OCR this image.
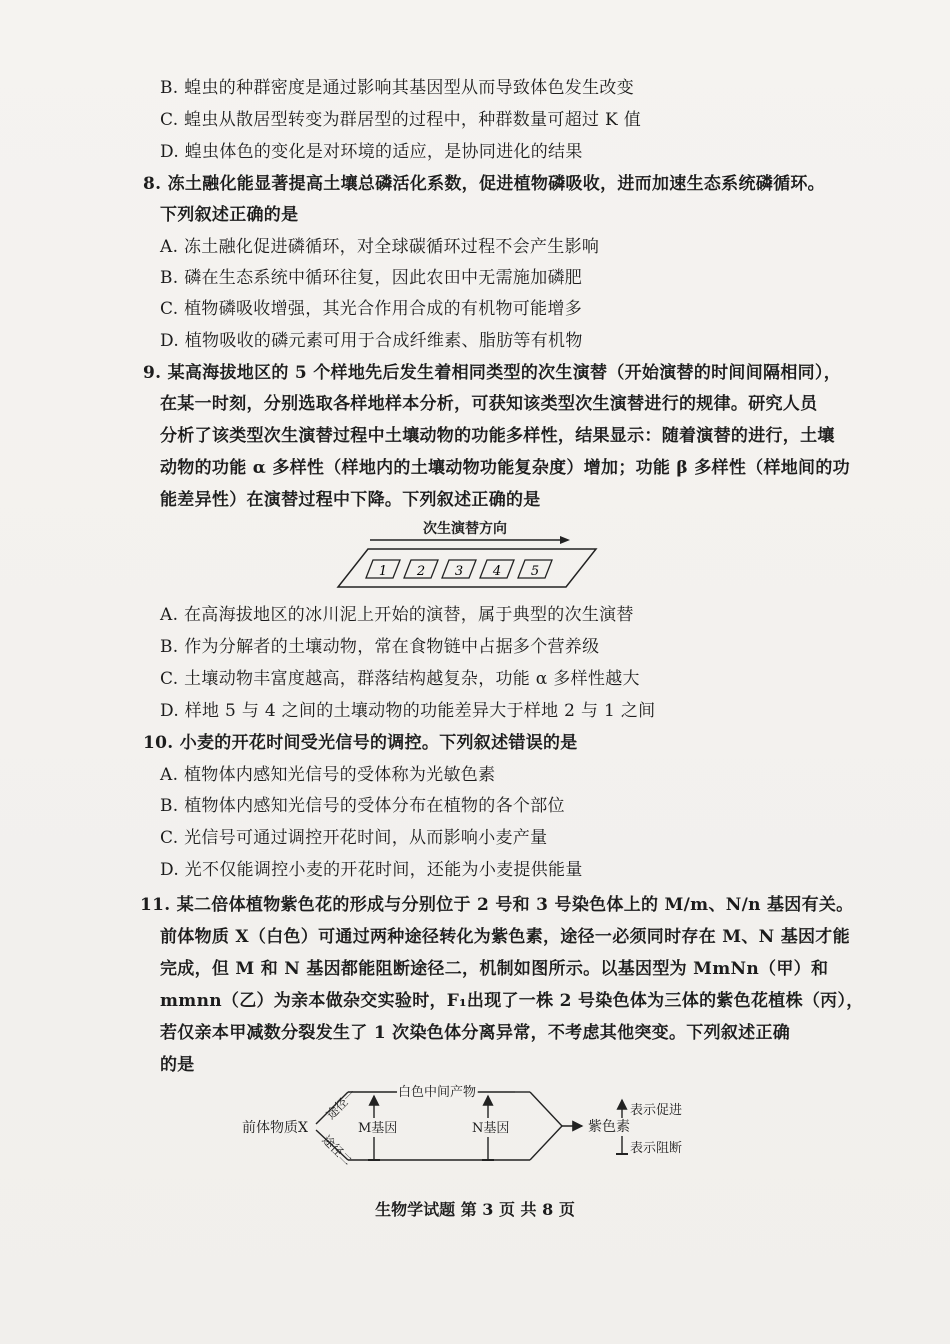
B. 蝗虫的种群密度是通过影响其基因型从而导致体色发生改变
C. 蝗虫从散居型转变为群居型的过程中，种群数量可超过 K 值
D. 蝗虫体色的变化是对环境的适应，是协同进化的结果
8. 冻土融化能显著提高土壤总磷活化系数，促进植物磷吸收，进而加速生态系统磷循环。
下列叙述正确的是
A. 冻土融化促进磷循环，对全球碳循环过程不会产生影响
B. 磷在生态系统中循环往复，因此农田中无需施加磷肥
C. 植物磷吸收增强，其光合作用合成的有机物可能增多
D. 植物吸收的磷元素可用于合成纤维素、脂肪等有机物
9. 某高海拔地区的 5 个样地先后发生着相同类型的次生演替（开始演替的时间间隔相同），
在某一时刻，分别选取各样地样本分析，可获知该类型次生演替进行的规律。研究人员
分析了该类型次生演替过程中土壤动物的功能多样性，结果显示：随着演替的进行，土壤
动物的功能 α 多样性（样地内的土壤动物功能复杂度）增加；功能 β 多样性（样地间的功
能差异性）在演替过程中下降。下列叙述正确的是
次生演替方向
1 2 3 4 5
A. 在高海拔地区的冰川泥上开始的演替，属于典型的次生演替
B. 作为分解者的土壤动物，常在食物链中占据多个营养级
C. 土壤动物丰富度越高，群落结构越复杂，功能 α 多样性越大
D. 样地 5 与 4 之间的土壤动物的功能差异大于样地 2 与 1 之间
10. 小麦的开花时间受光信号的调控。下列叙述错误的是
A. 植物体内感知光信号的受体称为光敏色素
B. 植物体内感知光信号的受体分布在植物的各个部位
C. 光信号可通过调控开花时间，从而影响小麦产量
D. 光不仅能调控小麦的开花时间，还能为小麦提供能量
11. 某二倍体植物紫色花的形成与分别位于 2 号和 3 号染色体上的 M/m、N/n 基因有关。
前体物质 X（白色）可通过两种途径转化为紫色素，途径一必须同时存在 M、N 基因才能
完成，但 M 和 N 基因都能阻断途径二，机制如图所示。以基因型为 MmNn（甲）和
mmnn（乙）为亲本做杂交实验时，F₁出现了一株 2 号染色体为三体的紫色花植株（丙），
若仅亲本甲减数分裂发生了 1 次染色体分离异常，不考虑其他突变。下列叙述正确
的是
前体物质X
途径一
途径二
白色中间产物
M基因	N基因	紫色素
表示促进
表示阻断
生物学试题 第 3 页 共 8 页
